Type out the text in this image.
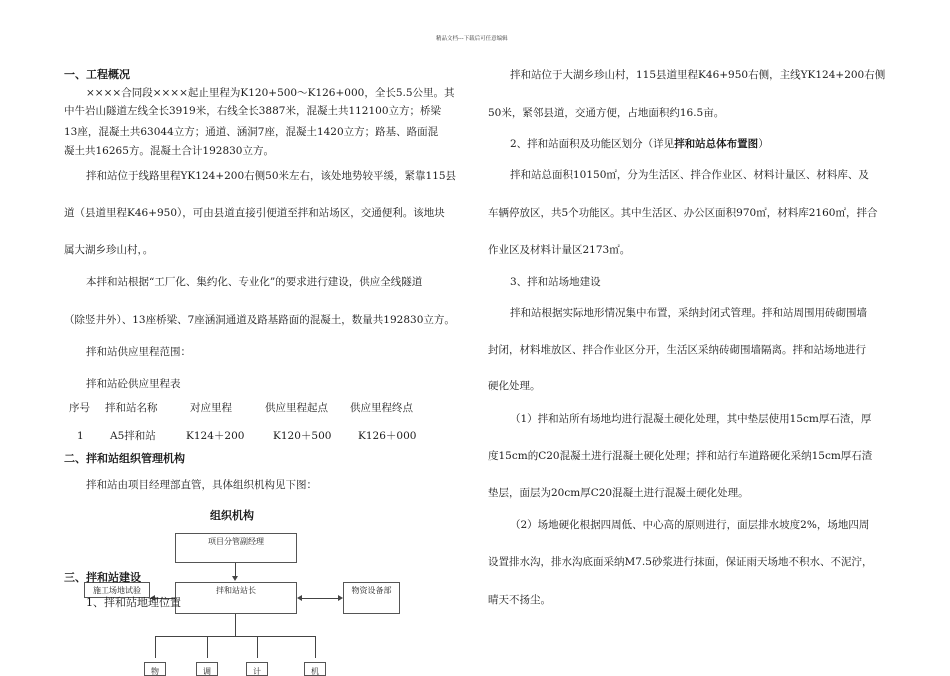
精品文档---下载后可任意编辑
一、工程概况
××××合同段××××起止里程为K120+500～K126+000，全长5.5公里。其
中牛岩山隧道左线全长3919米，右线全长3887米，混凝土共112100立方；桥梁
13座，混凝土共63044立方；通道、涵洞7座，混凝土1420立方；路基、路面混
凝土共16265方。混凝土合计192830立方。
拌和站位于线路里程YK124+200右侧50米左右，该处地势较平缓，紧靠115县
道（县道里程K46+950），可由县道直接引便道至拌和站场区，交通便利。该地块
属大湖乡珍山村，。
本拌和站根据“工厂化、集约化、专业化”的要求进行建设，供应全线隧道
（除竖井外）、13座桥梁、7座涵洞通道及路基路面的混凝土，数量共192830立方。
拌和站供应里程范围：
拌和站砼供应里程表
序号 拌和站名称	对应里程	供应里程起点 供应里程终点
1	A5拌和站	K124＋200	K120＋500	K126＋000
二、拌和站组织管理机构
拌和站由项目经理部直管，具体组织机构见下图：
组织机构
项目分管副经理
拌和站站长
施工场地试验	物资设备部
物	调	计	机
三、拌和站建设
1、拌和站地理位置
拌和站位于大湖乡珍山村，115县道里程K46+950右侧，主线YK124+200右侧
50米，紧邻县道，交通方便，占地面积约16.5亩。
2、拌和站面积及功能区划分（详见拌和站总体布置图）
拌和站总面积10150㎡，分为生活区、拌合作业区、材料计量区、材料库、及
车辆停放区，共5个功能区。其中生活区、办公区面积970㎡，材料库2160㎡，拌合
作业区及材料计量区2173㎡。
3、拌和站场地建设
拌和站根据实际地形情况集中布置，采纳封闭式管理。拌和站周围用砖砌围墙
封闭，材料堆放区、拌合作业区分开，生活区采纳砖砌围墙隔离。拌和站场地进行
硬化处理。
（1）拌和站所有场地均进行混凝土硬化处理，其中垫层使用15cm厚石渣，厚
度15cm的C20混凝土进行混凝土硬化处理；拌和站行车道路硬化采纳15cm厚石渣
垫层，面层为20cm厚C20混凝土进行混凝土硬化处理。
（2）场地硬化根据四周低、中心高的原则进行，面层排水坡度2%，场地四周
设置排水沟，排水沟底面采纳M7.5砂浆进行抹面，保证雨天场地不积水、不泥泞，
晴天不扬尘。
